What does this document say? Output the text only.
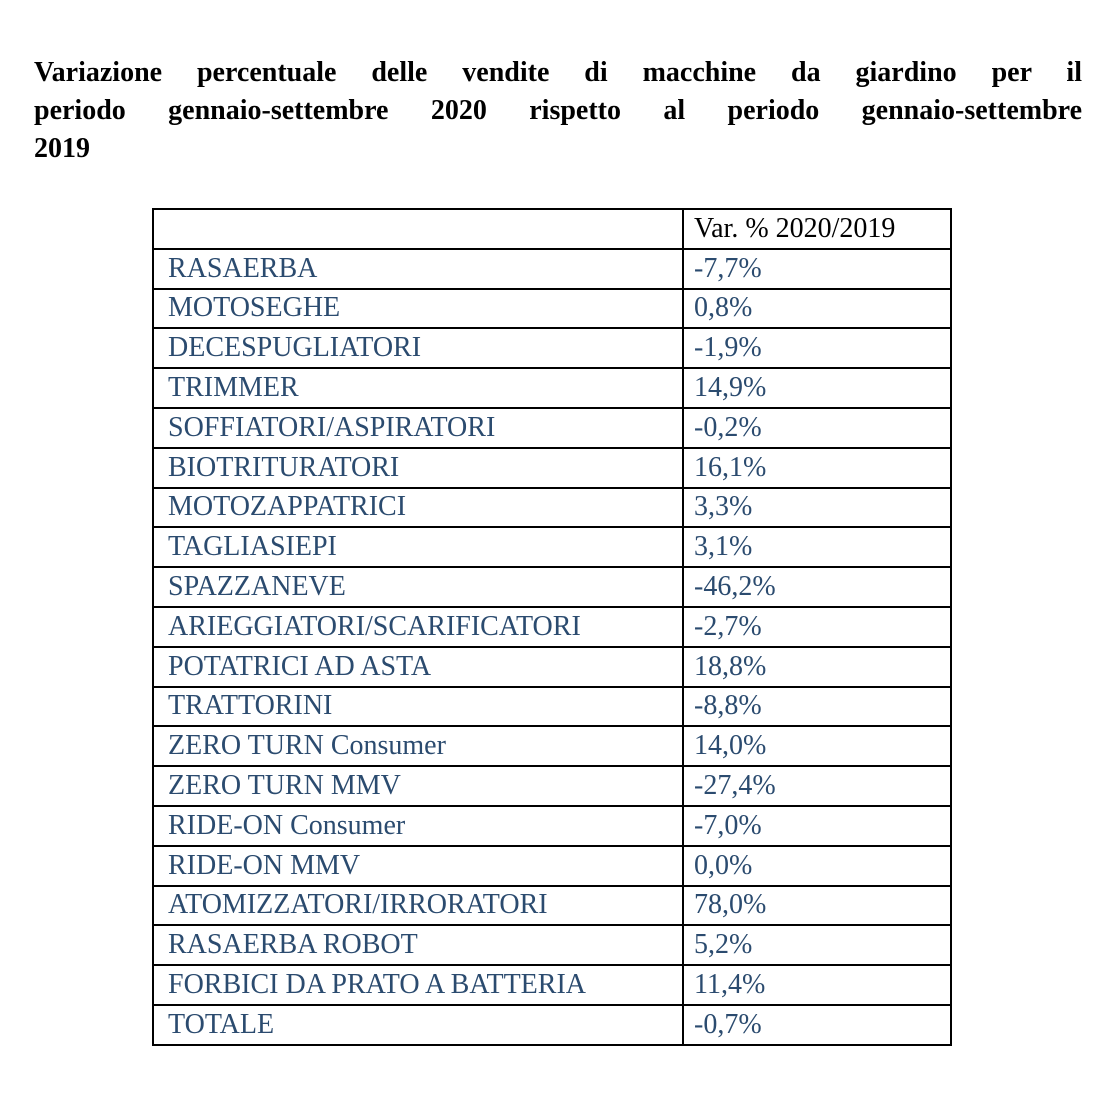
Variazione percentuale delle vendite di macchine da giardino per il
periodo gennaio-settembre 2020 rispetto al periodo gennaio-settembre
2019
	Var. % 2020/2019
RASAERBA	-7,7%
MOTOSEGHE	0,8%
DECESPUGLIATORI	-1,9%
TRIMMER	14,9%
SOFFIATORI/ASPIRATORI	-0,2%
BIOTRITURATORI	16,1%
MOTOZAPPATRICI	3,3%
TAGLIASIEPI	3,1%
SPAZZANEVE	-46,2%
ARIEGGIATORI/SCARIFICATORI	-2,7%
POTATRICI AD ASTA	18,8%
TRATTORINI	-8,8%
ZERO TURN Consumer	14,0%
ZERO TURN MMV	-27,4%
RIDE-ON Consumer	-7,0%
RIDE-ON MMV	0,0%
ATOMIZZATORI/IRRORATORI	78,0%
RASAERBA ROBOT	5,2%
FORBICI DA PRATO A BATTERIA	11,4%
TOTALE	-0,7%
